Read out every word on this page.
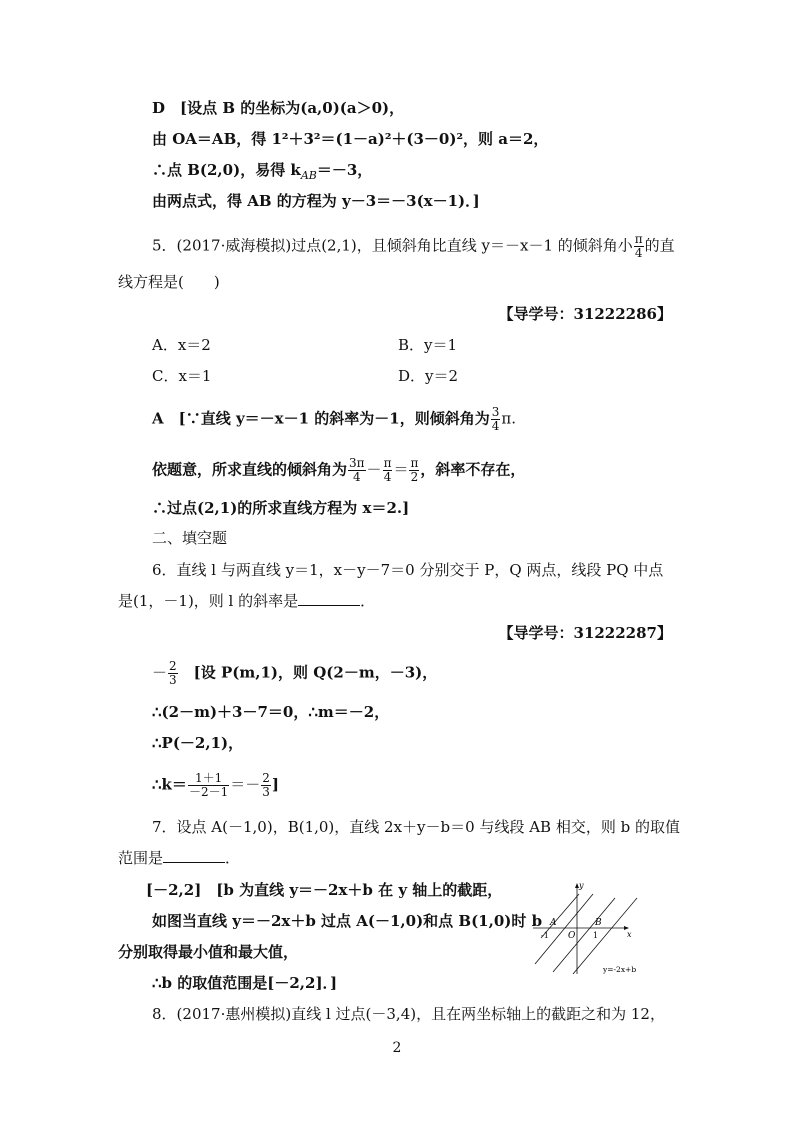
D　[设点 B 的坐标为(a,0)(a＞0)，
由 OA＝AB，得 1²＋3²＝(1－a)²＋(3－0)²，则 a＝2，
∴点 B(2,0)，易得 $k_{AB}=-3$，
由两点式，得 AB 的方程为 y－3＝－3(x－1)．]
5．(2017·威海模拟)过点(2,1)，且倾斜角比直线 y＝－x－1 的倾斜角小 $\frac{\pi}{4}$ 的直
线方程是(　　)
【导学号：31222286】
A．x＝2	B．y＝1
C．x＝1	D．y＝2
A　[∵直线 y＝－x－1 的斜率为－1，则倾斜角为 $\frac{3}{4} \pi$.
依题意，所求直线的倾斜角为 $\frac{3\pi}{4} - \frac{\pi}{4} = \frac{\pi}{2}$ ，斜率不存在，
∴过点(2,1)的所求直线方程为 x＝2.]
二、填空题
6．直线 l 与两直线 y＝1，x－y－7＝0 分别交于 P，Q 两点，线段 PQ 中点
是(1，－1)，则 l 的斜率是	．
【导学号：31222287】
－ $\frac{2}{3}$
　 [设 P(m,1)，则 Q(2－m，－3)，
∴(2－m)＋3－7＝0，∴m＝－2，
∴P(－2,1)，
∴k＝ $\frac{1+1}{-2-1} =- \frac{2}{3}$ ]
7．设点 A(－1,0)，B(1,0)，直线 2x＋y－b＝0 与线段 AB 相交，则 b 的取值
范围是	．
[－2,2]　[b 为直线 y＝－2x＋b 在 y 轴上的截距，
如图当直线 y＝－2x＋b 过点 A(－1,0)和点 B(1,0)时 b
分别取得最小值和最大值，
∴b 的取值范围是[－2,2]．]
y
x
A	B
O
-1	1
y=-2x+b
8．(2017·惠州模拟)直线 l 过点(－3,4)，且在两坐标轴上的截距之和为 12，
2
